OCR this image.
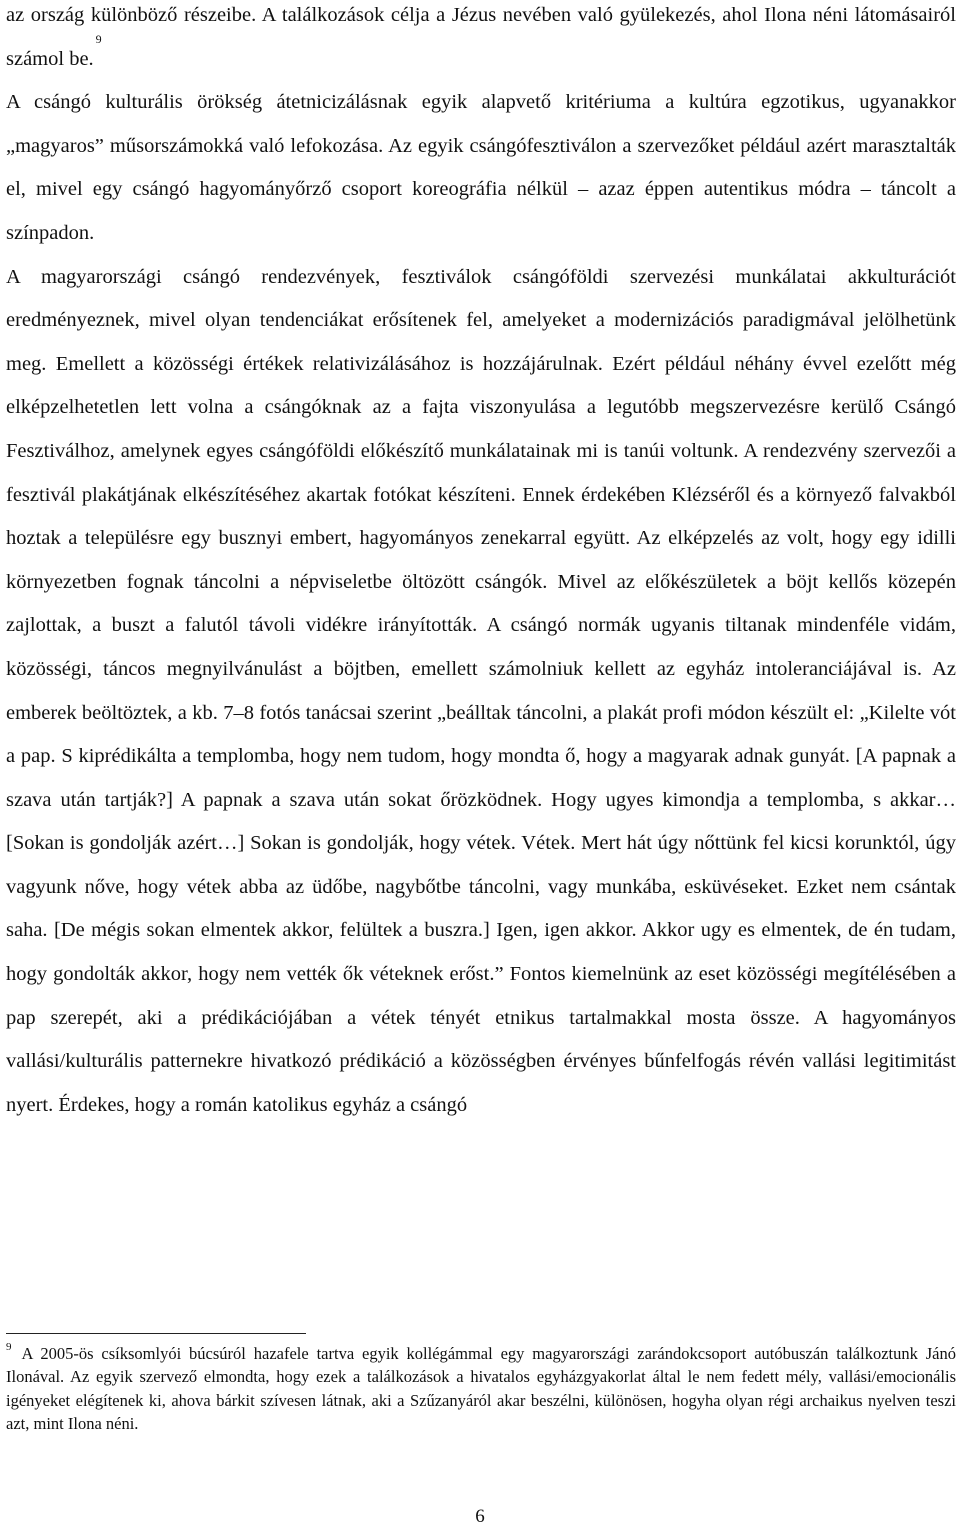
az ország különböző részeibe. A találkozások célja a Jézus nevében való gyülekezés, ahol Ilona néni látomásairól számol be.$^9$

A csángó kulturális örökség átetnicizálásnak egyik alapvető kritériuma a kultúra egzotikus, ugyanakkor „magyaros” műsorszámokká való lefokozása. Az egyik csángófesztiválon a szervezőket például azért marasztalták el, mivel egy csángó hagyományőrző csoport koreográfia nélkül – azaz éppen autentikus módra – táncolt a színpadon.

A magyarországi csángó rendezvények, fesztiválok csángóföldi szervezési munkálatai akkulturációt eredményeznek, mivel olyan tendenciákat erősítenek fel, amelyeket a modernizációs paradigmával jelölhetünk meg. Emellett a közösségi értékek relativizálásához is hozzájárulnak. Ezért például néhány évvel ezelőtt még elképzelhetetlen lett volna a csángóknak az a fajta viszonyulása a legutóbb megszervezésre kerülő Csángó Fesztiválhoz, amelynek egyes csángóföldi előkészítő munkálatainak mi is tanúi voltunk. A rendezvény szervezői a fesztivál plakátjának elkészítéséhez akartak fotókat készíteni. Ennek érdekében Klézséről és a környező falvakból hoztak a településre egy busznyi embert, hagyományos zenekarral együtt. Az elképzelés az volt, hogy egy idilli környezetben fognak táncolni a népviseletbe öltözött csángók. Mivel az előkészületek a böjt kellős közepén zajlottak, a buszt a falutól távoli vidékre irányították. A csángó normák ugyanis tiltanak mindenféle vidám, közösségi, táncos megnyilvánulást a böjtben, emellett számolniuk kellett az egyház intoleranciájával is. Az emberek beöltöztek, a kb. 7–8 fotós tanácsai szerint „beálltak táncolni, a plakát profi módon készült el: „Kilelte vót a pap. S kiprédikálta a templomba, hogy nem tudom, hogy mondta ő, hogy a magyarak adnak gunyát. [A papnak a szava után tartják?] A papnak a szava után sokat őrözködnek. Hogy ugyes kimondja a templomba, s akkar… [Sokan is gondolják azért…] Sokan is gondolják, hogy vétek. Vétek. Mert hát úgy nőttünk fel kicsi korunktól, úgy vagyunk nőve, hogy vétek abba az üdőbe, nagybőtbe táncolni, vagy munkába, esküvéseket. Ezket nem csántak saha. [De mégis sokan elmentek akkor, felültek a buszra.] Igen, igen akkor. Akkor ugy es elmentek, de én tudam, hogy gondolták akkor, hogy nem vették ők véteknek erőst.” Fontos kiemelnünk az eset közösségi megítélésében a pap szerepét, aki a prédikációjában a vétek tényét etnikus tartalmakkal mosta össze. A hagyományos vallási/kulturális patternekre hivatkozó prédikáció a közösségben érvényes bűnfelfogás révén vallási legitimitást nyert. Érdekes, hogy a román katolikus egyház a csángó

$^9$ A 2005-ös csíksomlyói búcsúról hazafele tartva egyik kollégámmal egy magyarországi zarándokcsoport autóbuszán találkoztunk Jánó Ilonával. Az egyik szervező elmondta, hogy ezek a találkozások a hivatalos egyházgyakorlat által le nem fedett mély, vallási/emocionális igényeket elégítenek ki, ahova bárkit szívesen látnak, aki a Szűzanyáról akar beszélni, különösen, hogyha olyan régi archaikus nyelven teszi azt, mint Ilona néni.

6
